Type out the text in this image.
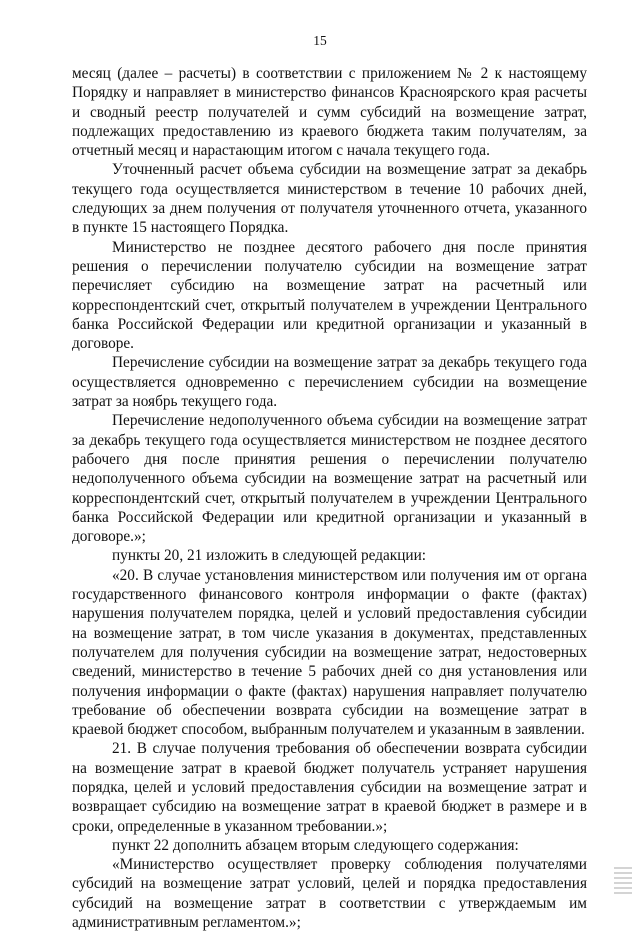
15

месяц (далее – расчеты) в соответствии с приложением № 2 к настоящему Порядку и направляет в министерство финансов Красноярского края расчеты и сводный реестр получателей и сумм субсидий на возмещение затрат, подлежащих предоставлению из краевого бюджета таким получателям, за отчетный месяц и нарастающим итогом с начала текущего года.

Уточненный расчет объема субсидии на возмещение затрат за декабрь текущего года осуществляется министерством в течение 10 рабочих дней, следующих за днем получения от получателя уточненного отчета, указанного в пункте 15 настоящего Порядка.

Министерство не позднее десятого рабочего дня после принятия решения о перечислении получателю субсидии на возмещение затрат перечисляет субсидию на возмещение затрат на расчетный или корреспондентский счет, открытый получателем в учреждении Центрального банка Российской Федерации или кредитной организации и указанный в договоре.

Перечисление субсидии на возмещение затрат за декабрь текущего года осуществляется одновременно с перечислением субсидии на возмещение затрат за ноябрь текущего года.

Перечисление недополученного объема субсидии на возмещение затрат за декабрь текущего года осуществляется министерством не позднее десятого рабочего дня после принятия решения о перечислении получателю недополученного объема субсидии на возмещение затрат на расчетный или корреспондентский счет, открытый получателем в учреждении Центрального банка Российской Федерации или кредитной организации и указанный в договоре.»;

пункты 20, 21 изложить в следующей редакции:

«20. В случае установления министерством или получения им от органа государственного финансового контроля информации о факте (фактах) нарушения получателем порядка, целей и условий предоставления субсидии на возмещение затрат, в том числе указания в документах, представленных получателем для получения субсидии на возмещение затрат, недостоверных сведений, министерство в течение 5 рабочих дней со дня установления или получения информации о факте (фактах) нарушения направляет получателю требование об обеспечении возврата субсидии на возмещение затрат в краевой бюджет способом, выбранным получателем и указанным в заявлении.

21. В случае получения требования об обеспечении возврата субсидии на возмещение затрат в краевой бюджет получатель устраняет нарушения порядка, целей и условий предоставления субсидии на возмещение затрат и возвращает субсидию на возмещение затрат в краевой бюджет в размере и в сроки, определенные в указанном требовании.»;

пункт 22 дополнить абзацем вторым следующего содержания:

«Министерство осуществляет проверку соблюдения получателями субсидий на возмещение затрат условий, целей и порядка предоставления субсидий на возмещение затрат в соответствии с утверждаемым им административным регламентом.»;
